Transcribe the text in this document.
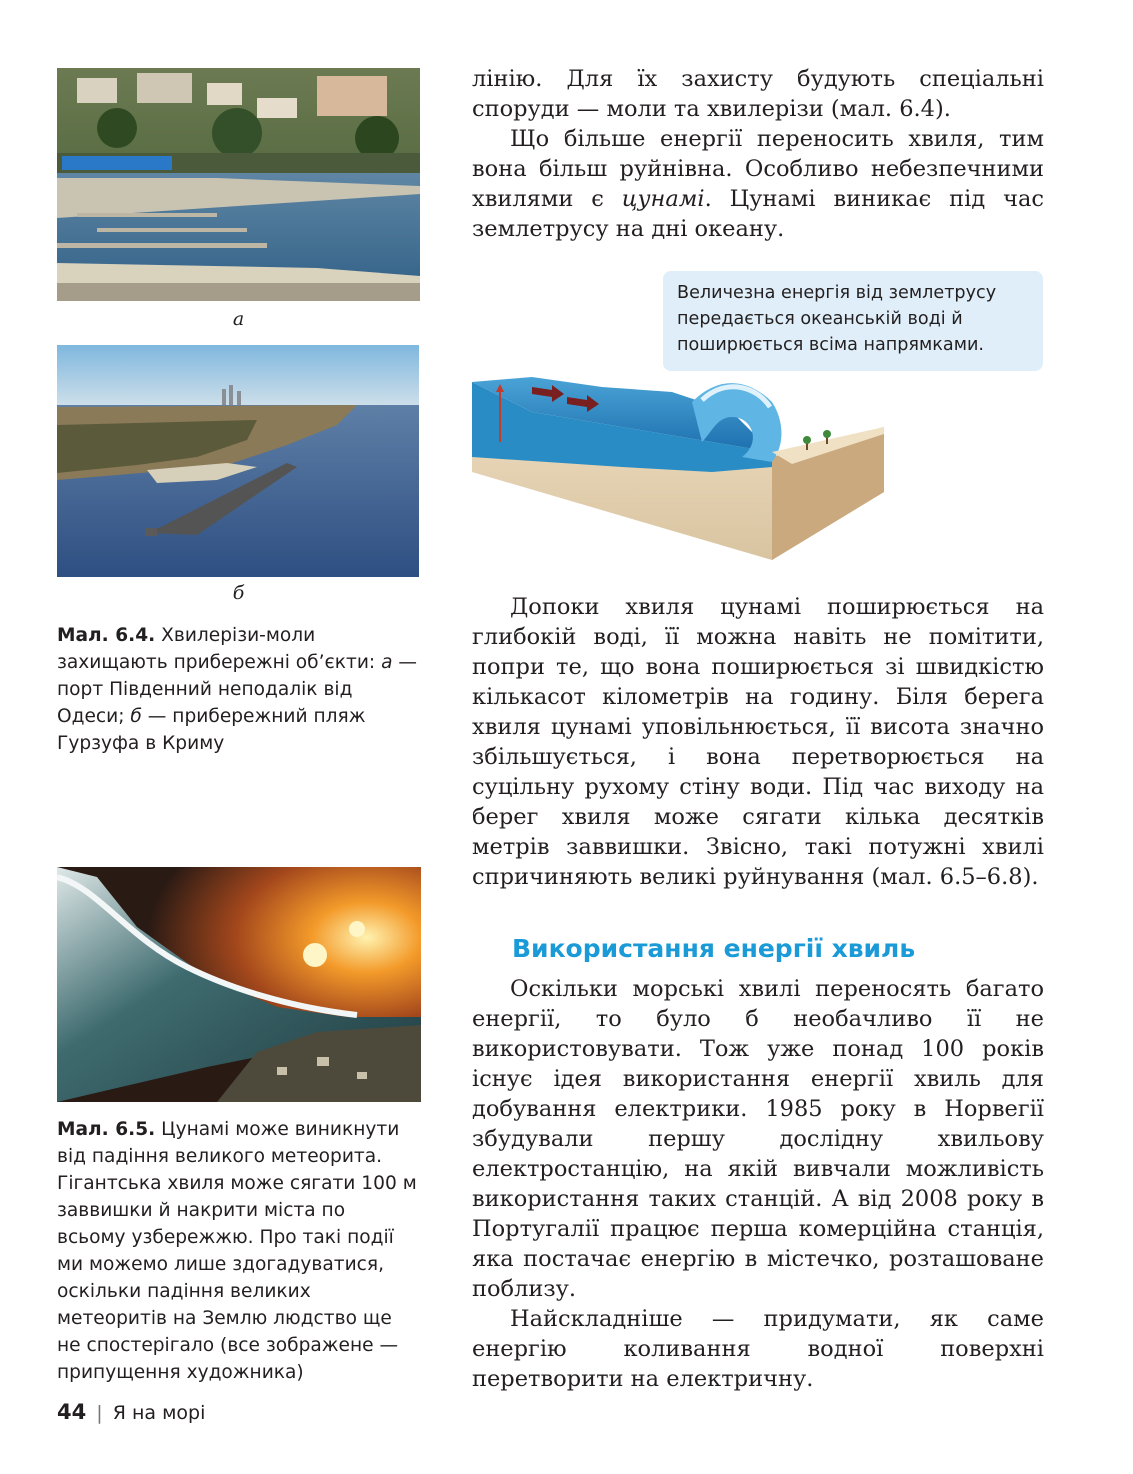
а
б
Мал. 6.4. Хвилерізи-моли захищають прибережні об’єкти: а — порт Південний неподалік від Одеси; б — прибережний пляж Гурзуфа в Криму
Мал. 6.5. Цунамі може виникнути від падіння великого метеорита. Гігантська хвиля може сягати 100 м заввишки й накрити міста по всьому узбережжю. Про такі події ми можемо лише здогадуватися, оскільки падіння великих метеоритів на Землю людство ще не спостерігало (все зображене — припущення художника)

лінію. Для їх захисту будують спеціальні споруди — моли та хвилерізи (мал. 6.4).

Що більше енергії переносить хвиля, тим вона більш руйнівна. Особливо небезпечними хвилями є цунамі. Цунамі виникає під час землетрусу на дні океану.

Величезна енергія від землетрусу передається океанській воді й поширюється всіма напрямками.

Допоки хвиля цунамі поширюється на глибокій воді, її можна навіть не помітити, попри те, що вона поширюється зі швидкістю кількасот кілометрів на годину. Біля берега хвиля цунамі уповільнюється, її висота значно збільшується, і вона перетворюється на суцільну рухому стіну води. Під час виходу на берег хвиля може сягати кілька десятків метрів заввишки. Звісно, такі потужні хвилі спричиняють великі руйнування (мал. 6.5–6.8).

Використання енергії хвиль

Оскільки морські хвилі переносять багато енергії, то було б необачливо її не використовувати. Тож уже понад 100 років існує ідея використання енергії хвиль для добування електрики. 1985 року в Норвегії збудували першу дослідну хвильову електростанцію, на якій вивчали можливість використання таких станцій. А від 2008 року в Португалії працює перша комерційна станція, яка постачає енергію в містечко, розташоване поблизу.

Найскладніше — придумати, як саме енергію коливання водної поверхні перетворити на електричну.

44 | Я на морі
